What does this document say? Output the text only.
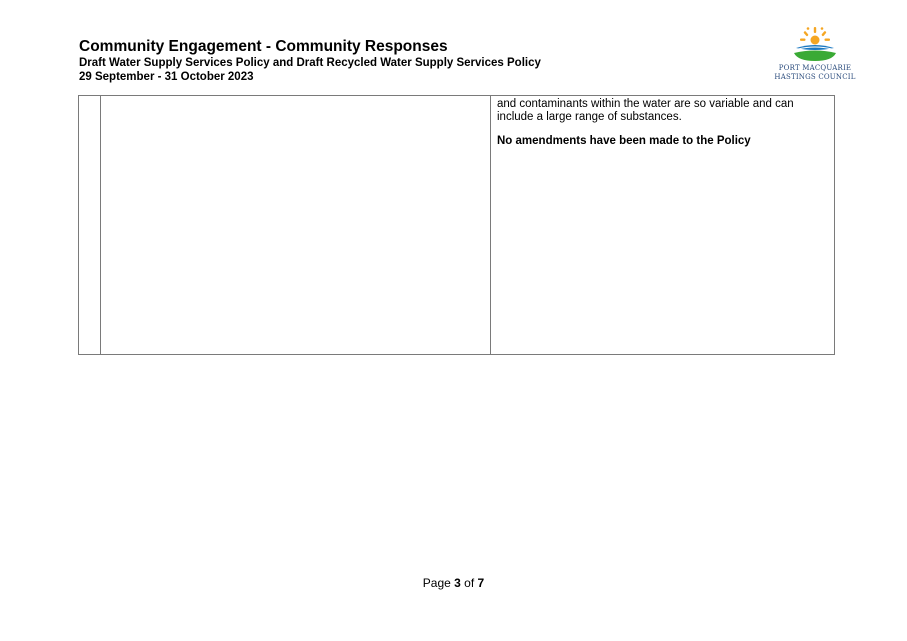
Community Engagement - Community Responses
Draft Water Supply Services Policy and Draft Recycled Water Supply Services Policy
29 September - 31 October 2023
PORT MACQUARIE
HASTINGS COUNCIL

and contaminants within the water are so variable and can include a large range of substances.

No amendments have been made to the Policy

Page 3 of 7
